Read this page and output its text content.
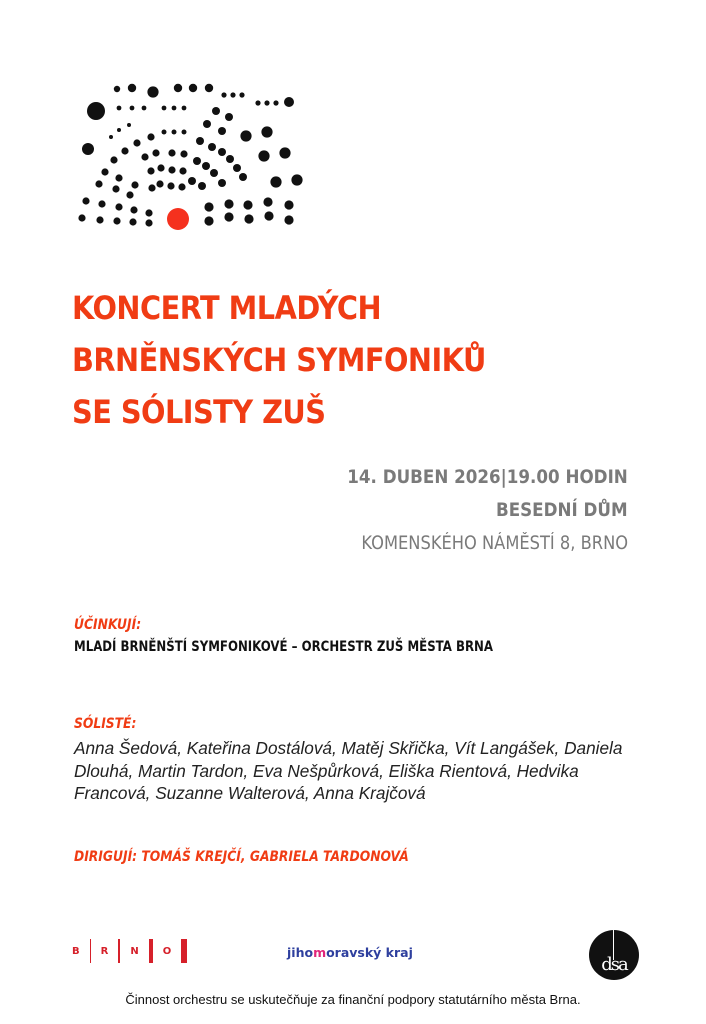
KONCERT MLADÝCH
BRNĚNSKÝCH SYMFONIKŮ
SE SÓLISTY ZUŠ
14. DUBEN 2026|19.00 HODIN
BESEDNÍ DŮM
KOMENSKÉHO NÁMĚSTÍ 8, BRNO
ÚČINKUJÍ:
MLADÍ BRNĚNŠTÍ SYMFONIKOVÉ – ORCHESTR ZUŠ MĚSTA BRNA
SÓLISTÉ:
Anna Šedová, Kateřina Dostálová, Matěj Skřička, Vít Langášek, Daniela Dlouhá, Martin Tardon, Eva Nešpůrková, Eliška Rientová, Hedvika Francová, Suzanne Walterová, Anna Krajčová
DIRIGUJÍ: TOMÁŠ KREJČÍ, GABRIELA TARDONOVÁ
B R N O	jihomoravský kraj
dsa
Činnost orchestru se uskutečňuje za finanční podpory statutárního města Brna.
